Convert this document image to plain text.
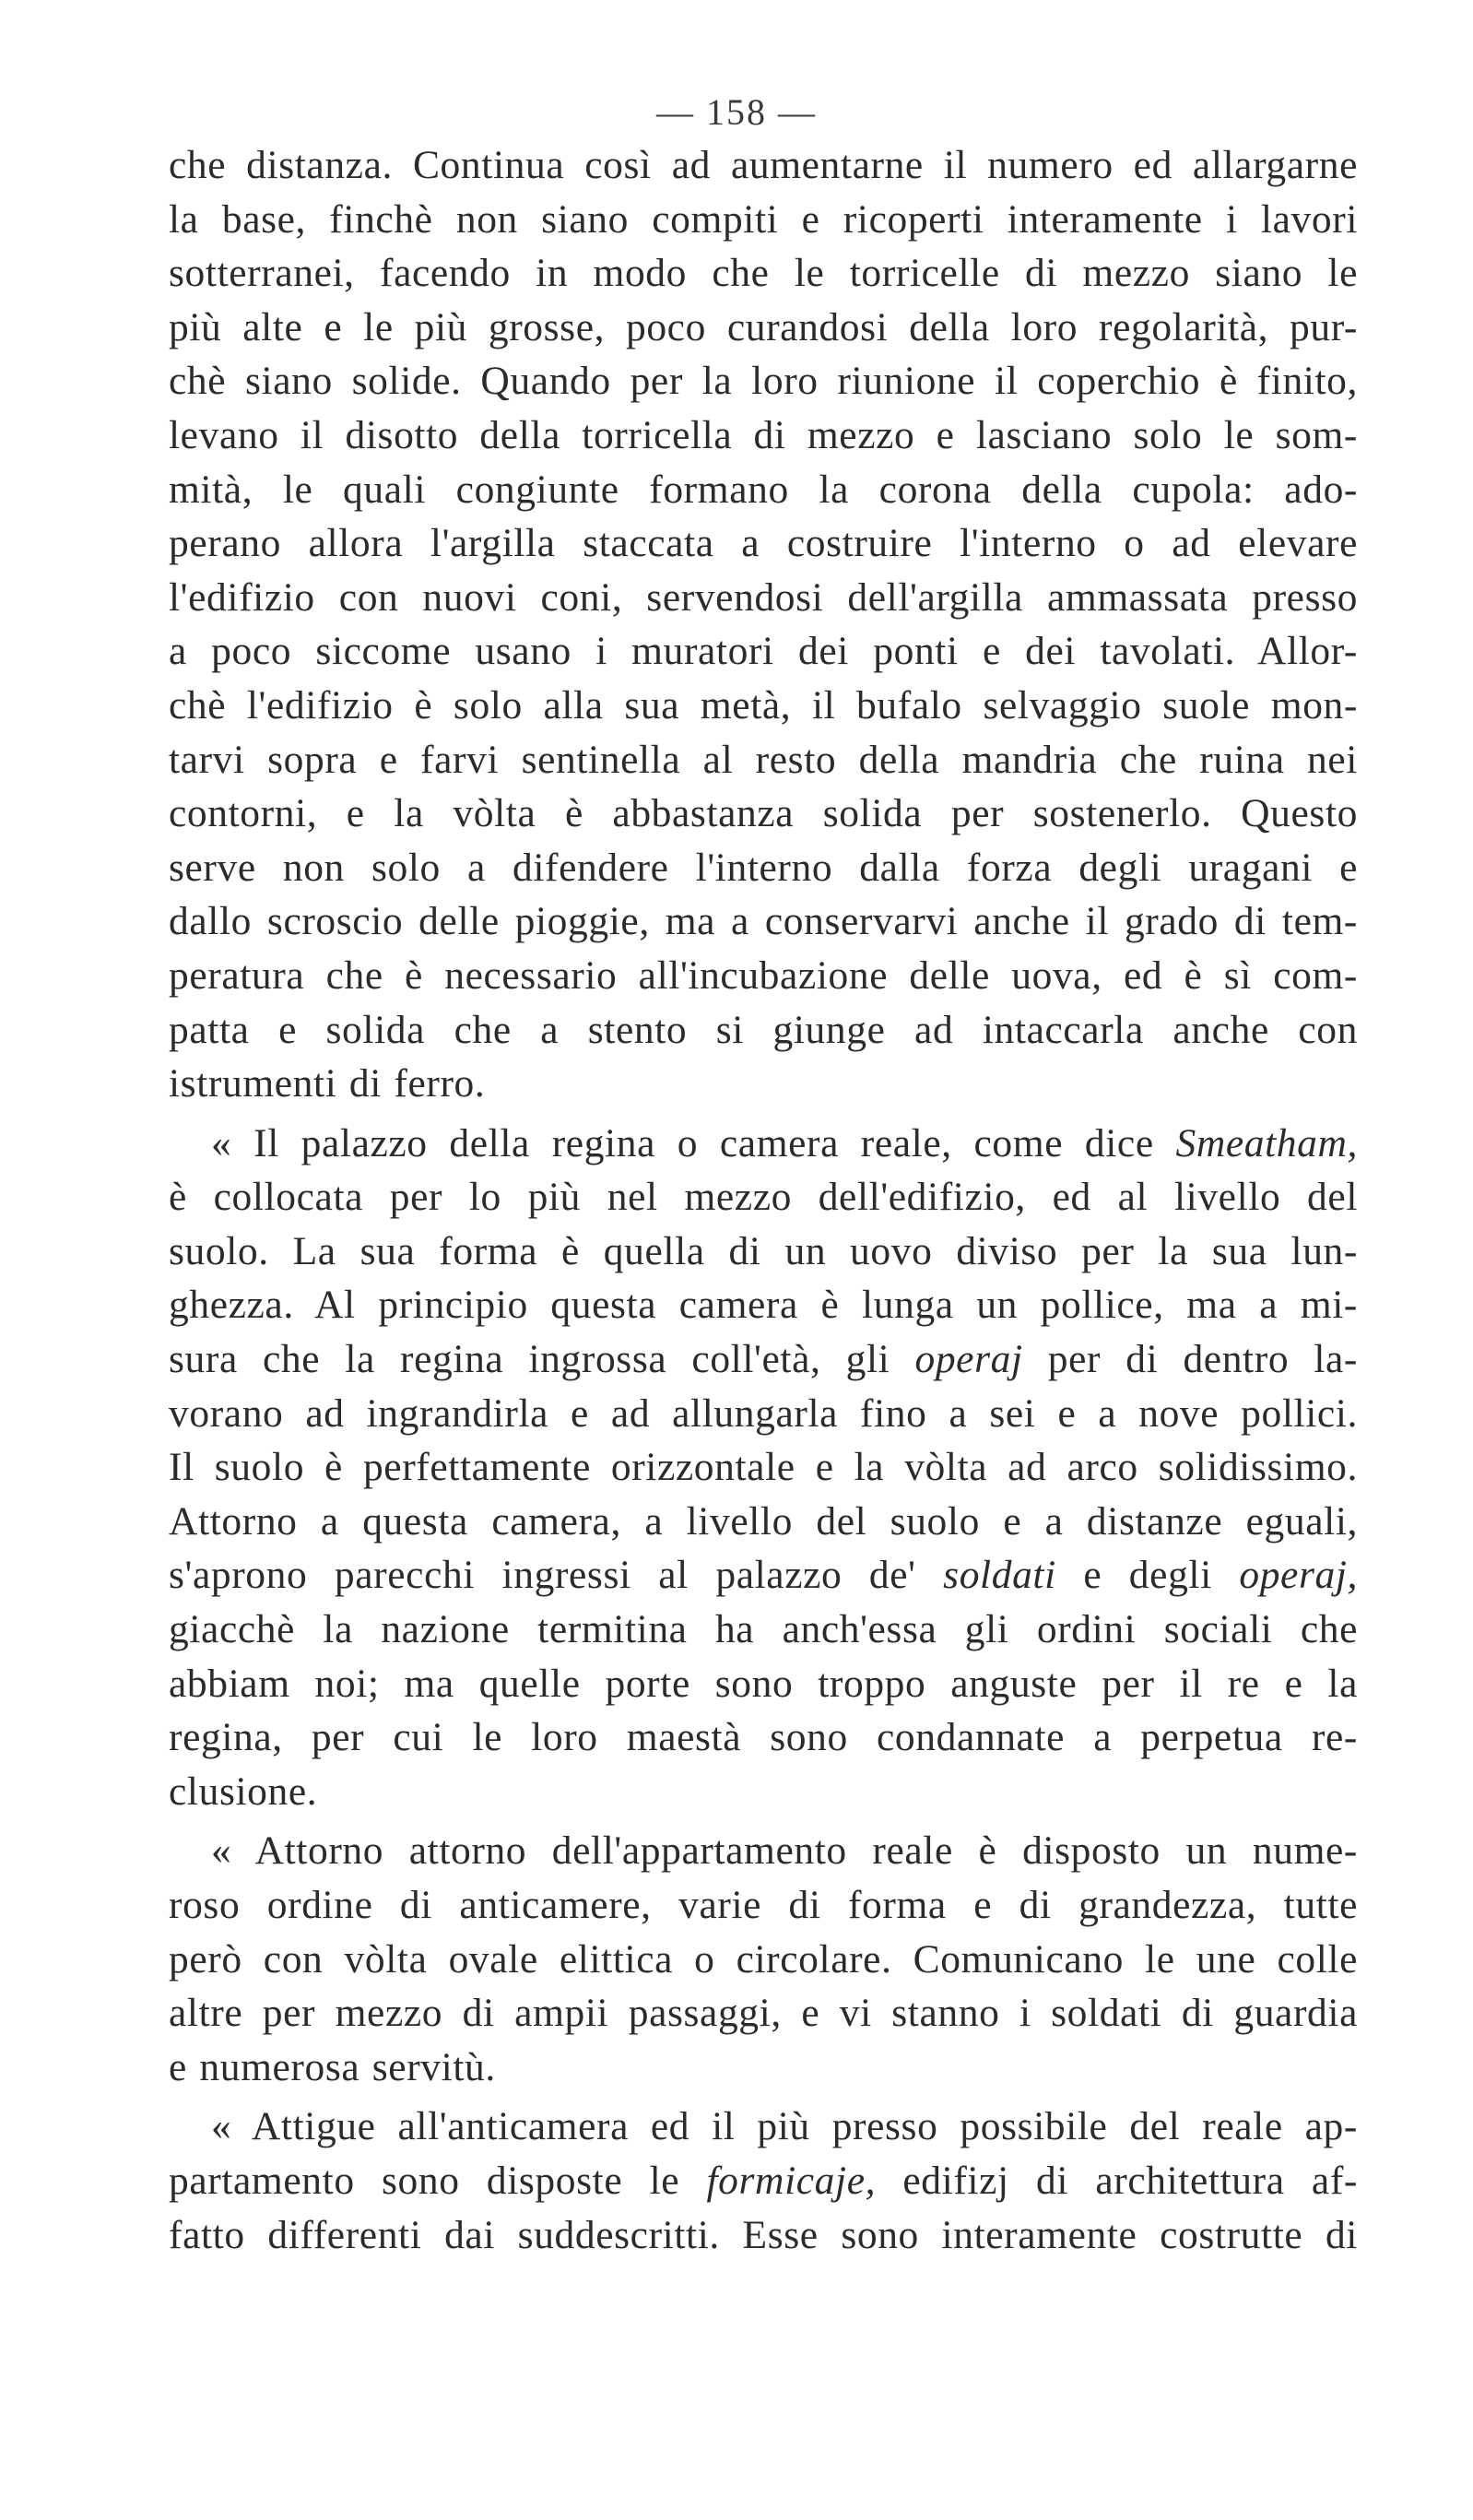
— 158 —
che distanza. Continua così ad aumentarne il numero ed allargarne
la base, finchè non siano compiti e ricoperti interamente i lavori
sotterranei, facendo in modo che le torricelle di mezzo siano le
più alte e le più grosse, poco curandosi della loro regolarità, pur-
chè siano solide. Quando per la loro riunione il coperchio è finito,
levano il disotto della torricella di mezzo e lasciano solo le som-
mità, le quali congiunte formano la corona della cupola: ado-
perano allora l'argilla staccata a costruire l'interno o ad elevare
l'edifizio con nuovi coni, servendosi dell'argilla ammassata presso
a poco siccome usano i muratori dei ponti e dei tavolati. Allor-
chè l'edifizio è solo alla sua metà, il bufalo selvaggio suole mon-
tarvi sopra e farvi sentinella al resto della mandria che ruina nei
contorni, e la vòlta è abbastanza solida per sostenerlo. Questo
serve non solo a difendere l'interno dalla forza degli uragani e
dallo scroscio delle pioggie, ma a conservarvi anche il grado di tem-
peratura che è necessario all'incubazione delle uova, ed è sì com-
patta e solida che a stento si giunge ad intaccarla anche con
istrumenti di ferro.
« Il palazzo della regina o camera reale, come dice Smeatham,
è collocata per lo più nel mezzo dell'edifizio, ed al livello del
suolo. La sua forma è quella di un uovo diviso per la sua lun-
ghezza. Al principio questa camera è lunga un pollice, ma a mi-
sura che la regina ingrossa coll'età, gli operaj per di dentro la-
vorano ad ingrandirla e ad allungarla fino a sei e a nove pollici.
Il suolo è perfettamente orizzontale e la vòlta ad arco solidissimo.
Attorno a questa camera, a livello del suolo e a distanze eguali,
s'aprono parecchi ingressi al palazzo de' soldati e degli operaj,
giacchè la nazione termitina ha anch'essa gli ordini sociali che
abbiam noi; ma quelle porte sono troppo anguste per il re e la
regina, per cui le loro maestà sono condannate a perpetua re-
clusione.
« Attorno attorno dell'appartamento reale è disposto un nume-
roso ordine di anticamere, varie di forma e di grandezza, tutte
però con vòlta ovale elittica o circolare. Comunicano le une colle
altre per mezzo di ampii passaggi, e vi stanno i soldati di guardia
e numerosa servitù.
« Attigue all'anticamera ed il più presso possibile del reale ap-
partamento sono disposte le formicaje, edifizj di architettura af-
fatto differenti dai suddescritti. Esse sono interamente costrutte di
